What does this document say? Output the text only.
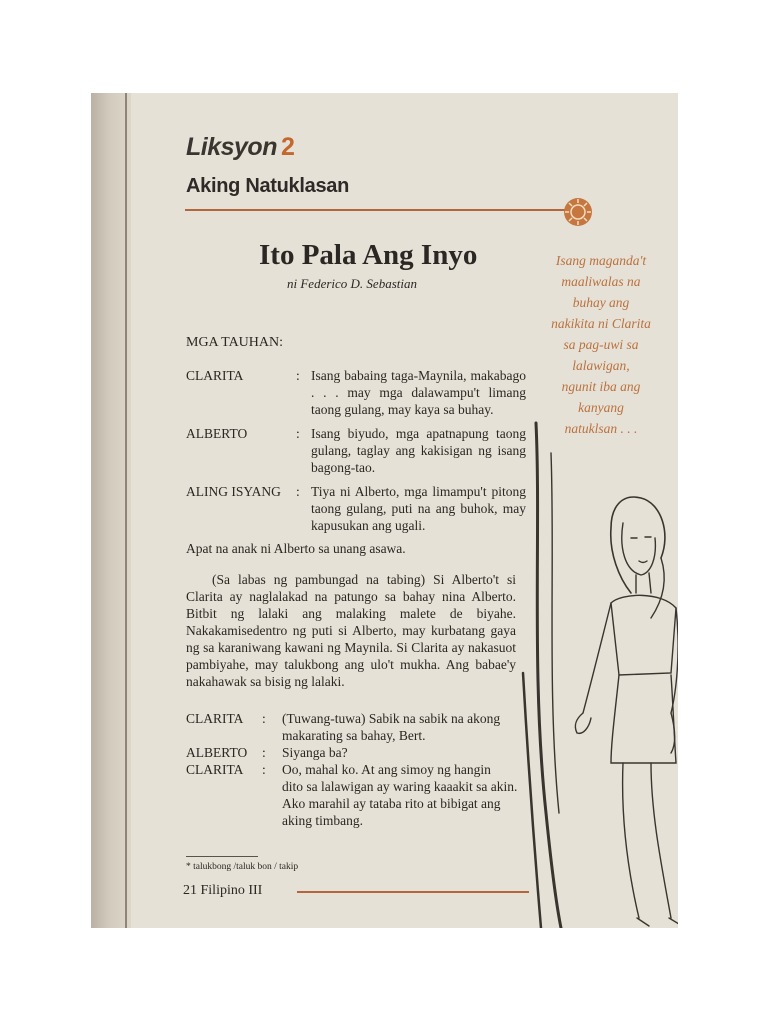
Liksyon 2
Aking Natuklasan
Ito Pala Ang Inyo
ni Federico D. Sebastian
Isang maganda't
maaliwalas na
buhay ang
nakikita ni Clarita
sa pag-uwi sa
lalawigan,
ngunit iba ang
kanyang
natuklsan . . .
MGA TAUHAN:
CLARITA	: Isang babaing taga-Maynila, makabago . . . may mga dalawampu't limang taong gulang, may kaya sa buhay.
ALBERTO	: Isang biyudo, mga apatnapung taong gulang, taglay ang kakisigan ng isang bagong-tao.
ALING ISYANG	: Tiya ni Alberto, mga limampu't pitong taong gulang, puti na ang buhok, may kapusukan ang ugali.

Apat na anak ni Alberto sa unang asawa.

(Sa labas ng pambungad na tabing) Si Alberto't si Clarita ay naglalakad na patungo sa bahay nina Alberto. Bitbit ng lalaki ang malaking malete de biyahe. Nakakamisedentro ng puti si Alberto, may kurbatang gaya ng sa karaniwang kawani ng Maynila. Si Clarita ay nakasuot pambiyahe, may talukbong ang ulo't mukha. Ang babae'y nakahawak sa bisig ng lalaki.

CLARITA	:	(Tuwang-tuwa) Sabik na sabik na akong
makarating sa bahay, Bert.
ALBERTO	:	Siyanga ba?
CLARITA	:	Oo, mahal ko. At ang simoy ng hangin
dito sa lalawigan ay waring kaaakit sa akin.
Ako marahil ay tataba rito at bibigat ang
aking timbang.
* talukbong /taluk bon / takip
21 Filipino III
